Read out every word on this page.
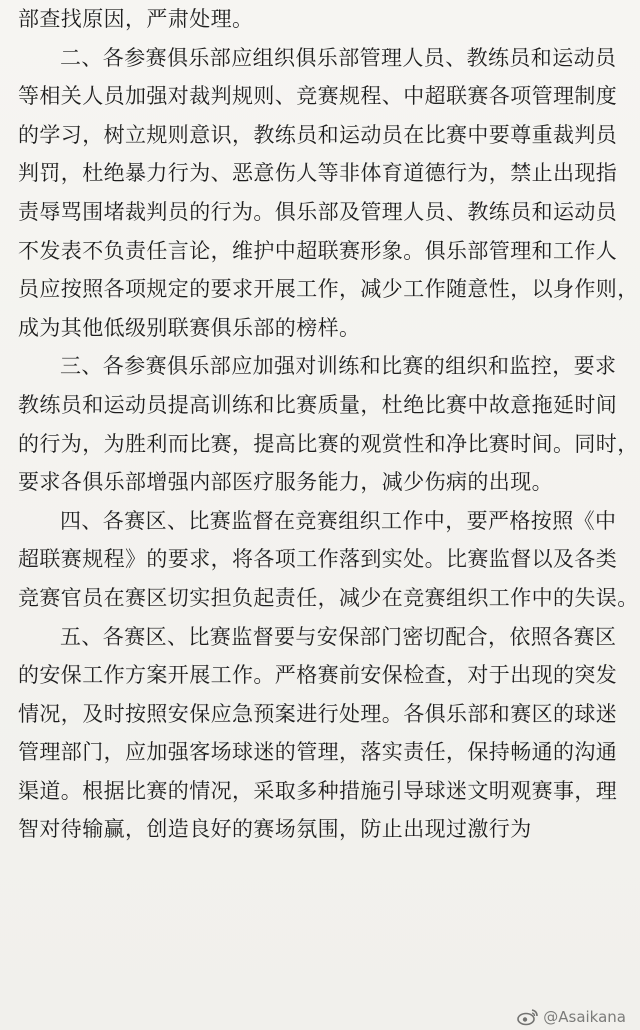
部查找原因，严肃处理。
二、各参赛俱乐部应组织俱乐部管理人员、教练员和运动员
等相关人员加强对裁判规则、竞赛规程、中超联赛各项管理制度
的学习，树立规则意识，教练员和运动员在比赛中要尊重裁判员
判罚，杜绝暴力行为、恶意伤人等非体育道德行为，禁止出现指
责辱骂围堵裁判员的行为。俱乐部及管理人员、教练员和运动员
不发表不负责任言论，维护中超联赛形象。俱乐部管理和工作人
员应按照各项规定的要求开展工作，减少工作随意性，以身作则，
成为其他低级别联赛俱乐部的榜样。
三、各参赛俱乐部应加强对训练和比赛的组织和监控，要求
教练员和运动员提高训练和比赛质量，杜绝比赛中故意拖延时间
的行为，为胜利而比赛，提高比赛的观赏性和净比赛时间。同时，
要求各俱乐部增强内部医疗服务能力，减少伤病的出现。
四、各赛区、比赛监督在竞赛组织工作中，要严格按照《中
超联赛规程》的要求，将各项工作落到实处。比赛监督以及各类
竞赛官员在赛区切实担负起责任，减少在竞赛组织工作中的失误。
五、各赛区、比赛监督要与安保部门密切配合，依照各赛区
的安保工作方案开展工作。严格赛前安保检查，对于出现的突发
情况，及时按照安保应急预案进行处理。各俱乐部和赛区的球迷
管理部门，应加强客场球迷的管理，落实责任，保持畅通的沟通
渠道。根据比赛的情况，采取多种措施引导球迷文明观赛事，理
智对待输赢，创造良好的赛场氛围，防止出现过激行为
@Asaikana
